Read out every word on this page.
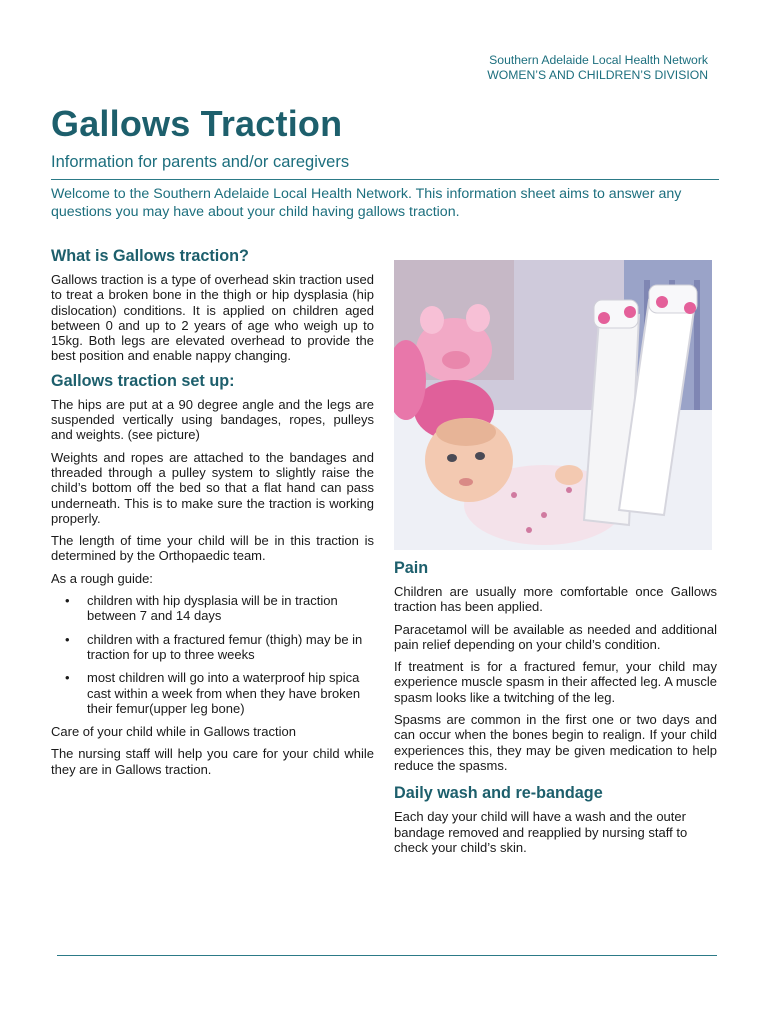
Southern Adelaide Local Health Network
WOMEN’S AND CHILDREN’S DIVISION
Gallows Traction

Information for parents and/or caregivers

Welcome to the Southern Adelaide Local Health Network. This information sheet aims to answer any questions you may have about your child having gallows traction.

What is Gallows traction?

Gallows traction is a type of overhead skin traction used to treat a broken bone in the thigh or hip dysplasia (hip dislocation) conditions. It is applied on children aged between 0 and up to 2 years of age who weigh up to 15kg. Both legs are elevated overhead to provide the best position and enable nappy changing.

Gallows traction set up:

The hips are put at a 90 degree angle and the legs are suspended vertically using bandages, ropes, pulleys and weights. (see picture)

Weights and ropes are attached to the bandages and threaded through a pulley system to slightly raise the child’s bottom off the bed so that a flat hand can pass underneath. This is to make sure the traction is working properly.

The length of time your child will be in this traction is determined by the Orthopaedic team.

As a rough guide:

• children with hip dysplasia will be in traction between 7 and 14 days
• children with a fractured femur (thigh) may be in traction for up to three weeks
• most children will go into a waterproof hip spica cast within a week from when they have broken their femur(upper leg bone)

Care of your child while in Gallows traction

The nursing staff will help you care for your child while they are in Gallows traction.

Pain

Children are usually more comfortable once Gallows traction has been applied.

Paracetamol will be available as needed and additional pain relief depending on your child’s condition.

If treatment is for a fractured femur, your child may experience muscle spasm in their affected leg. A muscle spasm looks like a twitching of the leg.

Spasms are common in the first one or two days and can occur when the bones begin to realign. If your child experiences this, they may be given medication to help reduce the spasms.

Daily wash and re-bandage

Each day your child will have a wash and the outer bandage removed and reapplied by nursing staff to check your child’s skin.
